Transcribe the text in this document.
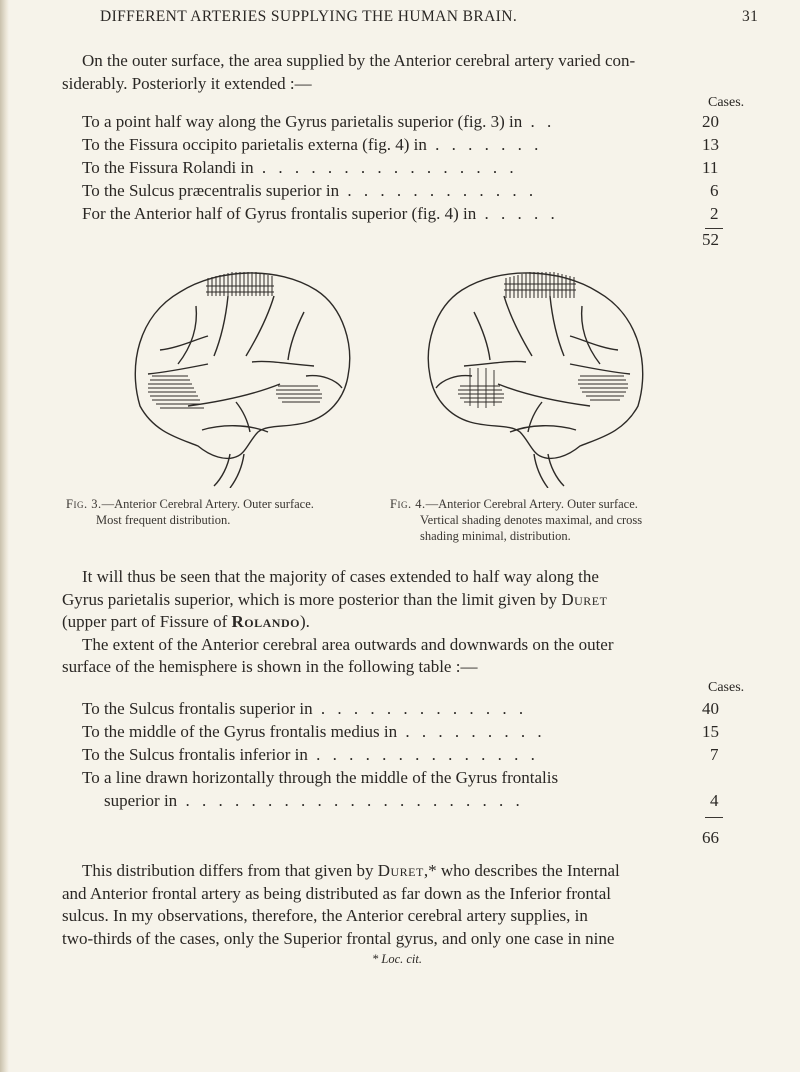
DIFFERENT ARTERIES SUPPLYING THE HUMAN BRAIN.	31
On the outer surface, the area supplied by the Anterior cerebral artery varied con-
siderably. Posteriorly it extended :—
Cases.
To a point half way along the Gyrus parietalis superior (fig. 3) in . .	20
To the Fissura occipito parietalis externa (fig. 4) in . . . . . . .	13
To the Fissura Rolandi in . . . . . . . . . . . . . . . .	11
To the Sulcus præcentralis superior in . . . . . . . . . . . .	6
For the Anterior half of Gyrus frontalis superior (fig. 4) in . . . . .	2
52
Fig. 3.—Anterior Cerebral Artery. Outer surface.
Most frequent distribution.
Fig. 4.—Anterior Cerebral Artery. Outer surface.
Vertical shading denotes maximal, and cross
shading minimal, distribution.
It will thus be seen that the majority of cases extended to half way along the
Gyrus parietalis superior, which is more posterior than the limit given by Duret
(upper part of Fissure of Rolando).
The extent of the Anterior cerebral area outwards and downwards on the outer
surface of the hemisphere is shown in the following table :—
Cases.
To the Sulcus frontalis superior in . . . . . . . . . . . . .	40
To the middle of the Gyrus frontalis medius in . . . . . . . . .	15
To the Sulcus frontalis inferior in . . . . . . . . . . . . . .	7
To a line drawn horizontally through the middle of the Gyrus frontalis
superior in . . . . . . . . . . . . . . . . . . . . .	4
66
This distribution differs from that given by Duret,* who describes the Internal
and Anterior frontal artery as being distributed as far down as the Inferior frontal
sulcus. In my observations, therefore, the Anterior cerebral artery supplies, in
two-thirds of the cases, only the Superior frontal gyrus, and only one case in nine
* Loc. cit.
